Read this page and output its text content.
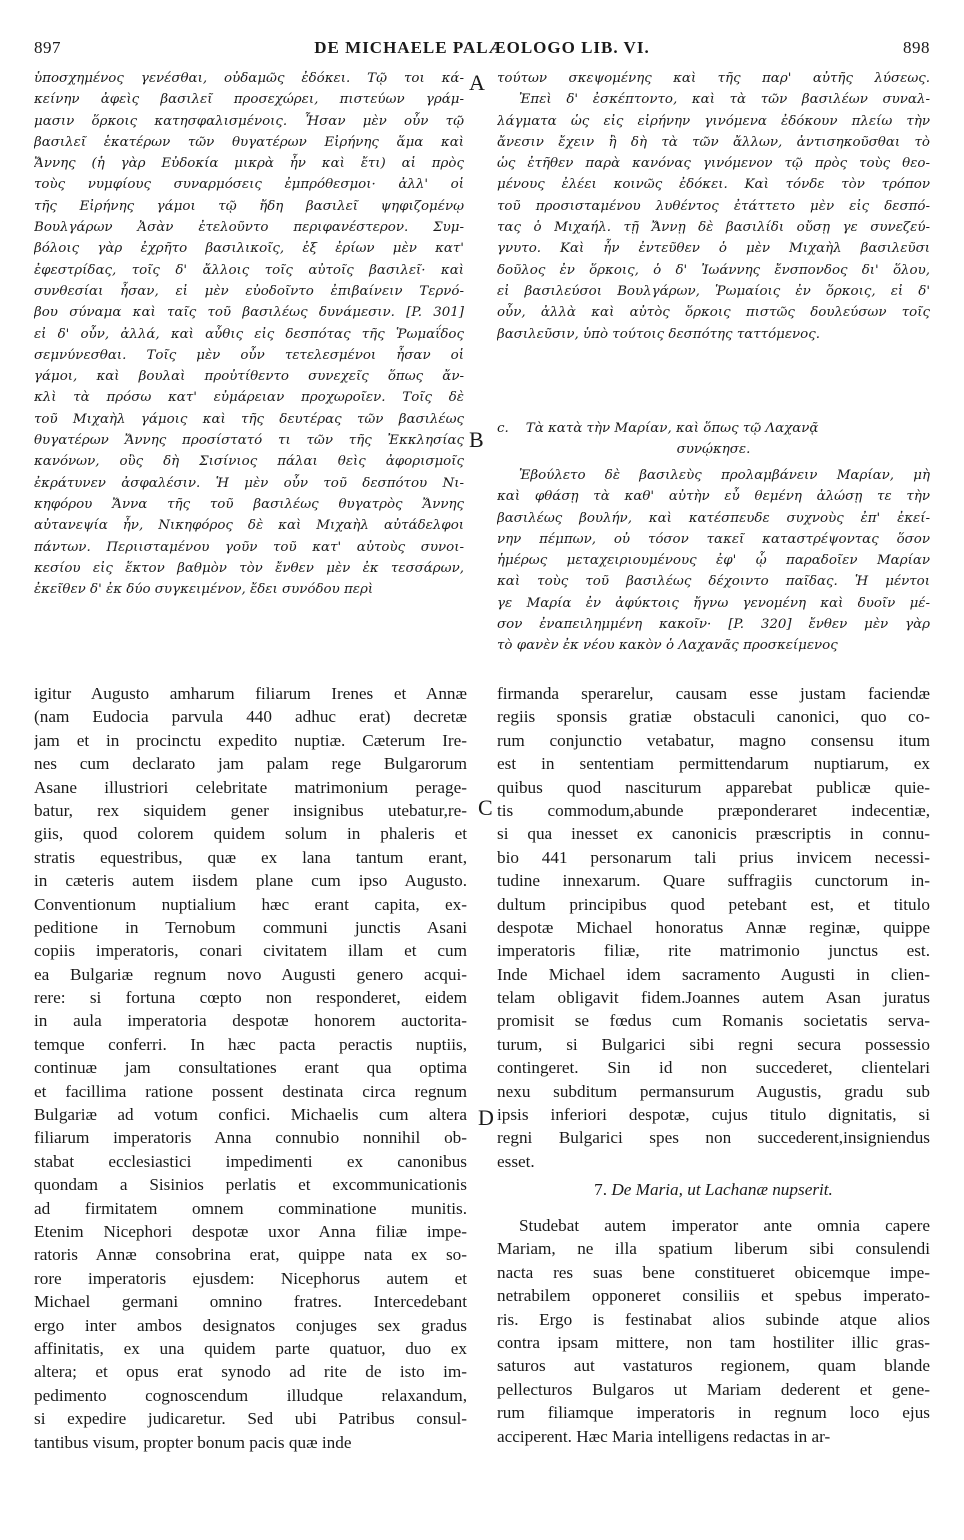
897	DE MICHAELE PALÆOLOGO LIB. VI.	898
A
B
C
D
ὑποσχημένος γενέσθαι, οὐδαμῶς ἐδόκει. Τῷ τοι κά-
κείνην ἀφεὶς βασιλεῖ προσεχώρει, πιστεύων γράμ-
μασιν ὅρκοις κατησφαλισμένοις. Ἦσαν μὲν οὖν τῷ
βασιλεῖ ἑκατέρων τῶν θυγατέρων Εἰρήνης ἅμα καὶ
Ἄννης (ἡ γὰρ Εὐδοκία μικρὰ ἦν καὶ ἔτι) αἱ πρὸς
τοὺς νυμφίους συναρμόσεις ἐμπρόθεσμοι· ἀλλ' οἱ
τῆς Εἰρήνης γάμοι τῷ ἤδη βασιλεῖ ψηφιζομένῳ
Βουλγάρων Ἀσὰν ἐτελοῦντο περιφανέστερον. Συμ-
βόλοις γὰρ ἐχρῆτο βασιλικοῖς, ἐξ ἐρίων μὲν κατ'
ἐφεστρίδας, τοῖς δ' ἄλλοις τοῖς αὐτοῖς βασιλεῖ· καὶ
συνθεσίαι ἦσαν, εἰ μὲν εὐοδοῖντο ἐπιβαίνειν Τερνό-
βου σύναμα καὶ ταῖς τοῦ βασιλέως δυνάμεσιν. [P. 301]
εἰ δ' οὖν, ἀλλά, καὶ αὖθις εἰς δεσπότας τῆς Ῥωμαΐδος
σεμνύνεσθαι. Τοῖς μὲν οὖν τετελεσμένοι ἦσαν οἱ
γάμοι, καὶ βουλαὶ προὐτίθεντο συνεχεῖς ὅπως ἄν-
κλὶ τὰ πρόσω κατ' εὐμάρειαν προχωροῖεν. Τοῖς δὲ
τοῦ Μιχαὴλ γάμοις καὶ τῆς δευτέρας τῶν βασιλέως
θυγατέρων Ἄννης προσίστατό τι τῶν τῆς Ἐκκλησίας
κανόνων, οὓς δὴ Σισίνιος πάλαι θεὶς ἀφορισμοῖς
ἐκράτυνεν ἀσφαλέσιν. Ἡ μὲν οὖν τοῦ δεσπότου Νι-
κηφόρου Ἄννα τῆς τοῦ βασιλέως θυγατρὸς Ἄννης
αὐτανεψία ἦν, Νικηφόρος δὲ καὶ Μιχαὴλ αὐτάδελφοι
πάντων. Περιισταμένου γοῦν τοῦ κατ' αὐτοὺς συνοι-
κεσίου εἰς ἕκτον βαθμὸν τὸν ἔνθεν μὲν ἐκ τεσσάρων,
ἐκεῖθεν δ' ἐκ δύο συγκειμένον, ἔδει συνόδου περὶ
τούτων σκεψομένης καὶ τῆς παρ' αὐτῆς λύσεως.
Ἐπεὶ δ' ἐσκέπτοντο, καὶ τὰ τῶν βασιλέων συναλ-
λάγματα ὡς εἰς εἰρήνην γινόμενα ἐδόκουν πλείω τὴν
ἄνεσιν ἔχειν ἢ δὴ τὰ τῶν ἄλλων, ἀντισηκοῦσθαι τὸ
ὡς ἐτῆθεν παρὰ κανόνας γινόμενον τῷ πρὸς τοὺς θεο-
μένους ἐλέει κοινῶς ἐδόκει. Καὶ τόνδε τὸν τρόπον
τοῦ προσισταμένου λυθέντος ἐτάττετο μὲν εἰς δεσπό-
τας ὁ Μιχαήλ. τῇ Ἄννῃ δὲ βασιλίδι οὔσῃ γε συνεζεύ-
γνυτο. Καὶ ἦν ἐντεῦθεν ὁ μὲν Μιχαὴλ βασιλεῦσι
δοῦλος ἐν ὅρκοις, ὁ δ' Ἰωάννης ἔνσπονδος δι' ὅλου,
εἰ βασιλεύσοι Βουλγάρων, Ῥωμαίοις ἐν ὅρκοις, εἰ δ'
οὖν, ἀλλὰ καὶ αὐτὸς ὅρκοις πιστῶς δουλεύσων τοῖς
βασιλεῦσιν, ὑπὸ τούτοις δεσπότης ταττόμενος.
c. Τὰ κατὰ τὴν Μαρίαν, καὶ ὅπως τῷ Λαχανᾷ
συνῴκησε.
Ἐβούλετο δὲ βασιλεὺς προλαμβάνειν Μαρίαν, μὴ
καὶ φθάσῃ τὰ καθ' αὐτὴν εὖ θεμένη ἁλώσῃ τε τὴν
βασιλέως βουλήν, καὶ κατέσπευδε συχνοὺς ἐπ' ἐκεί-
νην πέμπων, οὐ τόσον τακεῖ καταστρέψοντας ὅσον
ἡμέρως μεταχειριουμένους ἐφ' ᾧ παραδοῖεν Μαρίαν
καὶ τοὺς τοῦ βασιλέως δέχοιντο παῖδας. Ἡ μέντοι
γε Μαρία ἐν ἀφύκτοις ἤγνω γενομένη καὶ δυοῖν μέ-
σον ἐναπειλημμένη κακοῖν· [P. 320] ἔνθεν μὲν γὰρ
τὸ φανὲν ἐκ νέου κακὸν ὁ Λαχανᾶς προσκείμενος
igitur Augusto amharum filiarum Irenes et Annæ
(nam Eudocia parvula 440 adhuc erat) decretæ
jam et in procinctu expedito nuptiæ. Cæterum Ire-
nes cum declarato jam palam rege Bulgarorum
Asane illustriori celebritate matrimonium perage-
batur, rex siquidem gener insignibus utebatur,re-
giis, quod colorem quidem solum in phaleris et
stratis equestribus, quæ ex lana tantum erant,
in cæteris autem iisdem plane cum ipso Augusto.
Conventionum nuptialium hæc erant capita, ex-
peditione in Ternobum communi junctis Asani
copiis imperatoris, conari civitatem illam et cum
ea Bulgariæ regnum novo Augusti genero acqui-
rere: si fortuna cœpto non responderet, eidem
in aula imperatoria despotæ honorem auctorita-
temque conferri. In hæc pacta peractis nuptiis,
continuæ jam consultationes erant qua optima
et facillima ratione possent destinata circa regnum
Bulgariæ ad votum confici. Michaelis cum altera
filiarum imperatoris Anna connubio nonnihil ob-
stabat ecclesiastici impedimenti ex canonibus
quondam a Sisinios perlatis et excommunicationis
ad firmitatem omnem comminatione munitis.
Etenim Nicephori despotæ uxor Anna filiæ impe-
ratoris Annæ consobrina erat, quippe nata ex so-
rore imperatoris ejusdem: Nicephorus autem et
Michael germani omnino fratres. Intercedebant
ergo inter ambos designatos conjuges sex gradus
affinitatis, ex una quidem parte quatuor, duo ex
altera; et opus erat synodo ad rite de isto im-
pedimento cognoscendum illudque relaxandum,
si expedire judicaretur. Sed ubi Patribus consul-
tantibus visum, propter bonum pacis quæ inde
firmanda sperarelur, causam esse justam faciendæ
regiis sponsis gratiæ obstaculi canonici, quo co-
rum conjunctio vetabatur, magno consensu itum
est in sententiam permittendarum nuptiarum, ex
quibus quod nasciturum apparebat publicæ quie-
tis commodum,abunde præponderaret indecentiæ,
si qua inesset ex canonicis præscriptis in connu-
bio 441 personarum tali prius invicem necessi-
tudine innexarum. Quare suffragiis cunctorum in-
dultum principibus quod petebant est, et titulo
despotæ Michael honoratus Annæ reginæ, quippe
imperatoris filiæ, rite matrimonio junctus est.
Inde Michael idem sacramento Augusti in clien-
telam obligavit fidem.Joannes autem Asan juratus
promisit se fœdus cum Romanis societatis serva-
turum, si Bulgarici sibi regni secura possessio
contingeret. Sin id non succederet, clientelari
nexu subditum permansurum Augustis, gradu sub
ipsis inferiori despotæ, cujus titulo dignitatis, si
regni Bulgarici spes non succederent,insigniendus
esset.
7. De Maria, ut Lachanæ nupserit.
Studebat autem imperator ante omnia capere
Mariam, ne illa spatium liberum sibi consulendi
nacta res suas bene constitueret obicemque impe-
netrabilem opponeret consiliis et spebus imperato-
ris. Ergo is festinabat alios subinde atque alios
contra ipsam mittere, non tam hostiliter illic gras-
saturos aut vastaturos regionem, quam blande
pellecturos Bulgaros ut Mariam dederent et gene-
rum filiamque imperatoris in regnum loco ejus
acciperent. Hæc Maria intelligens redactas in ar-
